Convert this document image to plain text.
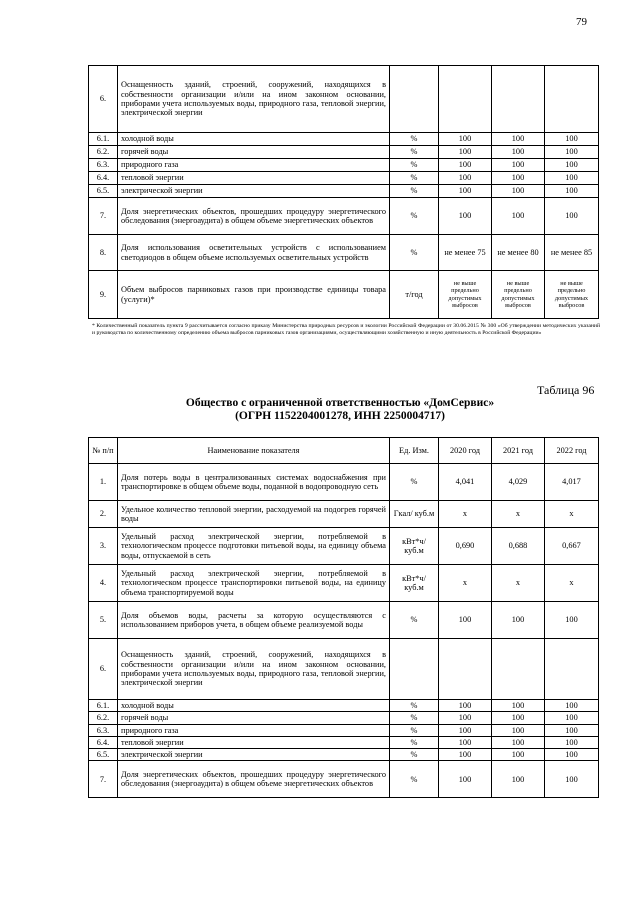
79
6.	Оснащенность зданий, строений, сооружений, находящихся в собственности организации и/или на ином законном основании, приборами учета используемых воды, природного газа, тепловой энергии, электрической энергии				
6.1.	холодной воды	%	100	100	100
6.2.	горячей воды	%	100	100	100
6.3.	природного газа	%	100	100	100
6.4.	тепловой энергии	%	100	100	100
6.5.	электрической энергии	%	100	100	100
7.	Доля энергетических объектов, прошедших процедуру энергетического обследования (энергоаудита) в общем объеме энергетических объектов	%	100	100	100
8.	Доля использования осветительных устройств с использованием светодиодов в общем объеме используемых осветительных устройств	%	не менее 75	не менее 80	не менее 85
9.	Объем выбросов парниковых газов при производстве единицы товара (услуги)*	т/год	не выше предельно допустимых выбросов	не выше предельно допустимых выбросов	не выше предельно допустимых выбросов
* Количественный показатель пункта 9 рассчитывается согласно приказу Министерства природных ресурсов и экологии Российской Федерации от 30.06.2015 № 300 «Об утверждении методических указаний и руководства по количественному определению объема выбросов парниковых газов организациями, осуществляющими хозяйственную и иную деятельность в Российской Федерации»
Таблица 96
Общество с ограниченной ответственностью «ДомСервис»
(ОГРН 1152204001278, ИНН 2250004717)
№ п/п	Наименование показателя	Ед. Изм.	2020 год	2021 год	2022 год
1.	Доля потерь воды в централизованных системах водоснабжения при транспортировке в общем объеме воды, поданной в водопроводную сеть	%	4,041	4,029	4,017
2.	Удельное количество тепловой энергии, расходуемой на подогрев горячей воды	Гкал/ куб.м	х	х	х
3.	Удельный расход электрической энергии, потребляемой в технологическом процессе подготовки питьевой воды, на единицу объема воды, отпускаемой в сеть	кВт*ч/ куб.м	0,690	0,688	0,667
4.	Удельный расход электрической энергии, потребляемой в технологическом процессе транспортировки питьевой воды, на единицу объема транспортируемой воды	кВт*ч/ куб.м	х	х	х
5.	Доля объемов воды, расчеты за которую осуществляются с использованием приборов учета, в общем объеме реализуемой воды	%	100	100	100
6.	Оснащенность зданий, строений, сооружений, находящихся в собственности организации и/или на ином законном основании, приборами учета используемых воды, природного газа, тепловой энергии, электрической энергии				
6.1.	холодной воды	%	100	100	100
6.2.	горячей воды	%	100	100	100
6.3.	природного газа	%	100	100	100
6.4.	тепловой энергии	%	100	100	100
6.5.	электрической энергии	%	100	100	100
7.	Доля энергетических объектов, прошедших процедуру энергетического обследования (энергоаудита) в общем объеме энергетических объектов	%	100	100	100
